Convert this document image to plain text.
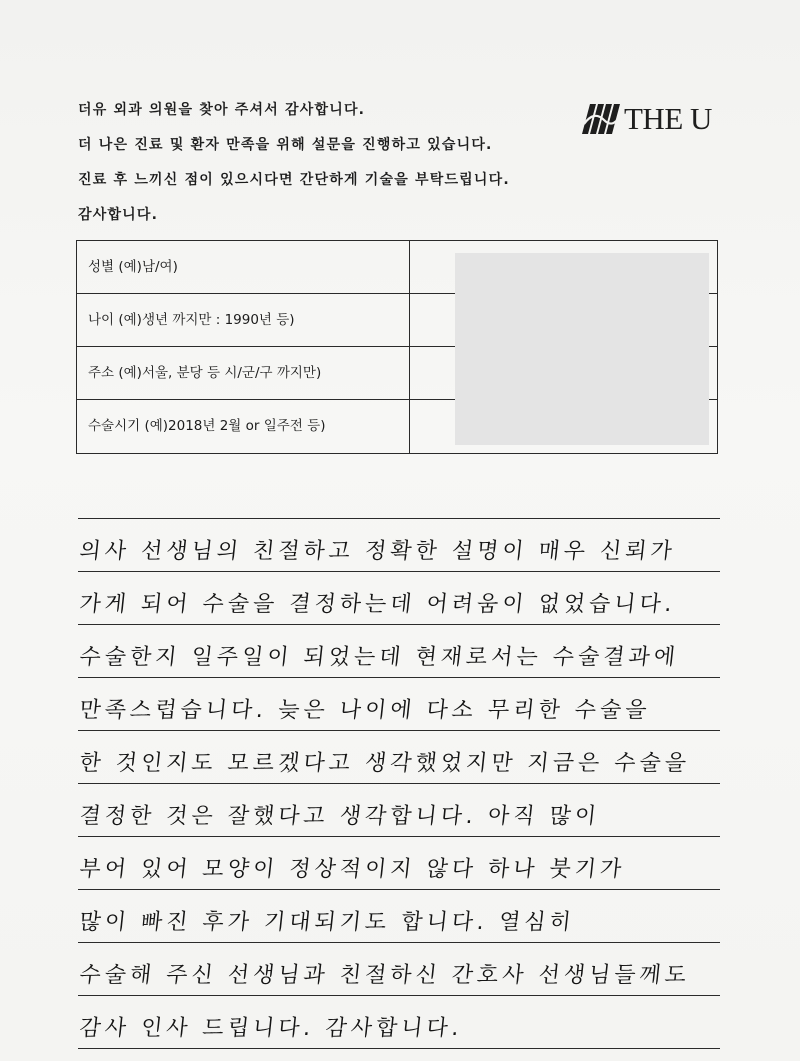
더유 외과 의원을 찾아 주셔서 감사합니다.
더 나은 진료 및 환자 만족을 위해 설문을 진행하고 있습니다.
진료 후 느끼신 점이 있으시다면 간단하게 기술을 부탁드립니다.
감사합니다.
THE U
성별 (예)남/여)
나이 (예)생년 까지만 : 1990년 등)
주소 (예)서울, 분당 등 시/군/구 까지만)
수술시기 (예)2018년 2월 or 일주전 등)
의사 선생님의 친절하고 정확한 설명이 매우 신뢰가
가게 되어 수술을 결정하는데 어려움이 없었습니다.
수술한지 일주일이 되었는데 현재로서는 수술결과에
만족스럽습니다. 늦은 나이에 다소 무리한 수술을
한 것인지도 모르겠다고 생각했었지만 지금은 수술을
결정한 것은 잘했다고 생각합니다. 아직 많이
부어 있어 모양이 정상적이지 않다 하나 붓기가
많이 빠진 후가 기대되기도 합니다. 열심히
수술해 주신 선생님과 친절하신 간호사 선생님들께도
감사 인사 드립니다. 감사합니다.
